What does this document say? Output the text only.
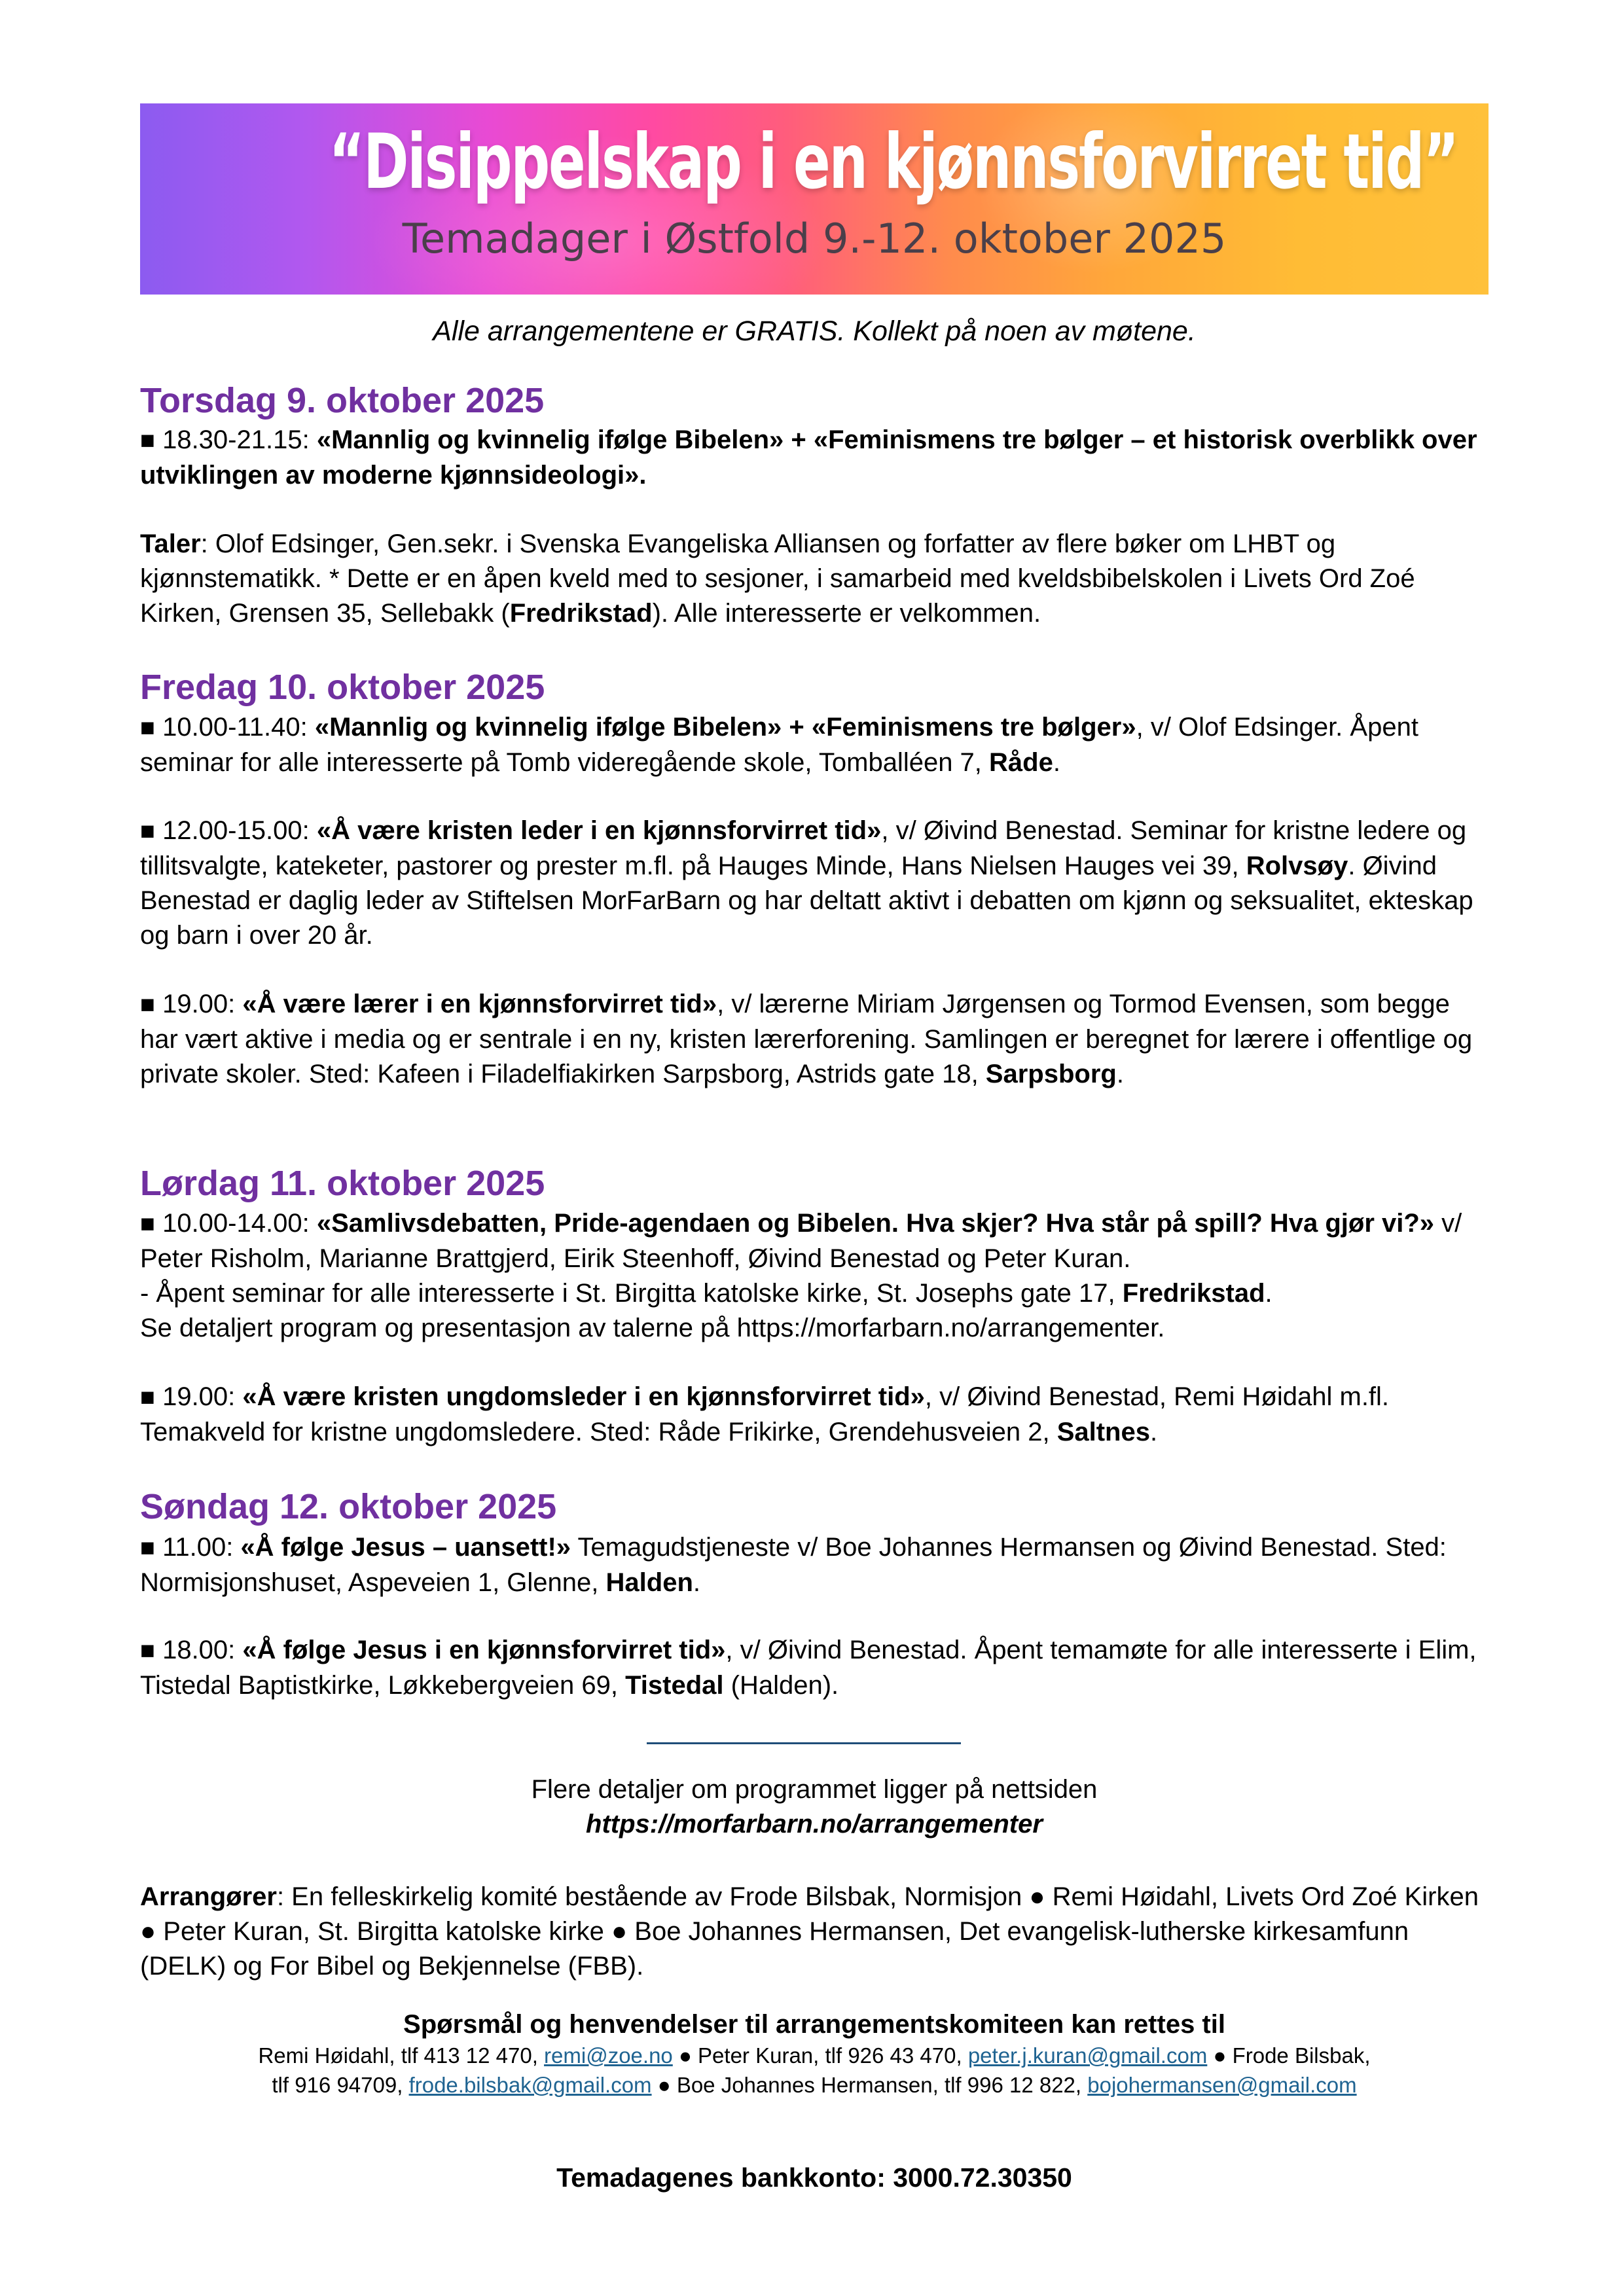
“Disippelskap i en kjønnsforvirret tid”
Temadager i Østfold 9.-12. oktober 2025
Alle arrangementene er GRATIS. Kollekt på noen av møtene.
Torsdag 9. oktober 2025
■ 18.30-21.15: «Mannlig og kvinnelig ifølge Bibelen» + «Feminismens tre bølger – et historisk overblikk over utviklingen av moderne kjønnsideologi».
Taler: Olof Edsinger, Gen.sekr. i Svenska Evangeliska Alliansen og forfatter av flere bøker om LHBT og kjønnstematikk. * Dette er en åpen kveld med to sesjoner, i samarbeid med kveldsbibelskolen i Livets Ord Zoé Kirken, Grensen 35, Sellebakk (Fredrikstad). Alle interesserte er velkommen.
Fredag 10. oktober 2025
■ 10.00-11.40: «Mannlig og kvinnelig ifølge Bibelen» + «Feminismens tre bølger», v/ Olof Edsinger. Åpent seminar for alle interesserte på Tomb videregående skole, Tomballéen 7, Råde.
■ 12.00-15.00: «Å være kristen leder i en kjønnsforvirret tid», v/ Øivind Benestad. Seminar for kristne ledere og tillitsvalgte, kateketer, pastorer og prester m.fl. på Hauges Minde, Hans Nielsen Hauges vei 39, Rolvsøy. Øivind Benestad er daglig leder av Stiftelsen MorFarBarn og har deltatt aktivt i debatten om kjønn og seksualitet, ekteskap og barn i over 20 år.
■ 19.00: «Å være lærer i en kjønnsforvirret tid», v/ lærerne Miriam Jørgensen og Tormod Evensen, som begge har vært aktive i media og er sentrale i en ny, kristen lærerforening. Samlingen er beregnet for lærere i offentlige og private skoler. Sted: Kafeen i Filadelfiakirken Sarpsborg, Astrids gate 18, Sarpsborg.
Lørdag 11. oktober 2025
■ 10.00-14.00: «Samlivsdebatten, Pride-agendaen og Bibelen. Hva skjer? Hva står på spill? Hva gjør vi?» v/ Peter Risholm, Marianne Brattgjerd, Eirik Steenhoff, Øivind Benestad og Peter Kuran.
- Åpent seminar for alle interesserte i St. Birgitta katolske kirke, St. Josephs gate 17, Fredrikstad.
Se detaljert program og presentasjon av talerne på https://morfarbarn.no/arrangementer.
■ 19.00: «Å være kristen ungdomsleder i en kjønnsforvirret tid», v/ Øivind Benestad, Remi Høidahl m.fl. Temakveld for kristne ungdomsledere. Sted: Råde Frikirke, Grendehusveien 2, Saltnes.
Søndag 12. oktober 2025
■ 11.00: «Å følge Jesus – uansett!» Temagudstjeneste v/ Boe Johannes Hermansen og Øivind Benestad. Sted: Normisjonshuset, Aspeveien 1, Glenne, Halden.
■ 18.00: «Å følge Jesus i en kjønnsforvirret tid», v/ Øivind Benestad. Åpent temamøte for alle interesserte i Elim, Tistedal Baptistkirke, Løkkebergveien 69, Tistedal (Halden).
Flere detaljer om programmet ligger på nettsiden
https://morfarbarn.no/arrangementer
Arrangører: En felleskirkelig komité bestående av Frode Bilsbak, Normisjon ● Remi Høidahl, Livets Ord Zoé Kirken ● Peter Kuran, St. Birgitta katolske kirke ● Boe Johannes Hermansen, Det evangelisk-lutherske kirkesamfunn (DELK) og For Bibel og Bekjennelse (FBB).
Spørsmål og henvendelser til arrangementskomiteen kan rettes til
Remi Høidahl, tlf 413 12 470, remi@zoe.no ● Peter Kuran, tlf 926 43 470, peter.j.kuran@gmail.com ● Frode Bilsbak,
tlf 916 94709, frode.bilsbak@gmail.com ● Boe Johannes Hermansen, tlf 996 12 822, bojohermansen@gmail.com
Temadagenes bankkonto: 3000.72.30350
